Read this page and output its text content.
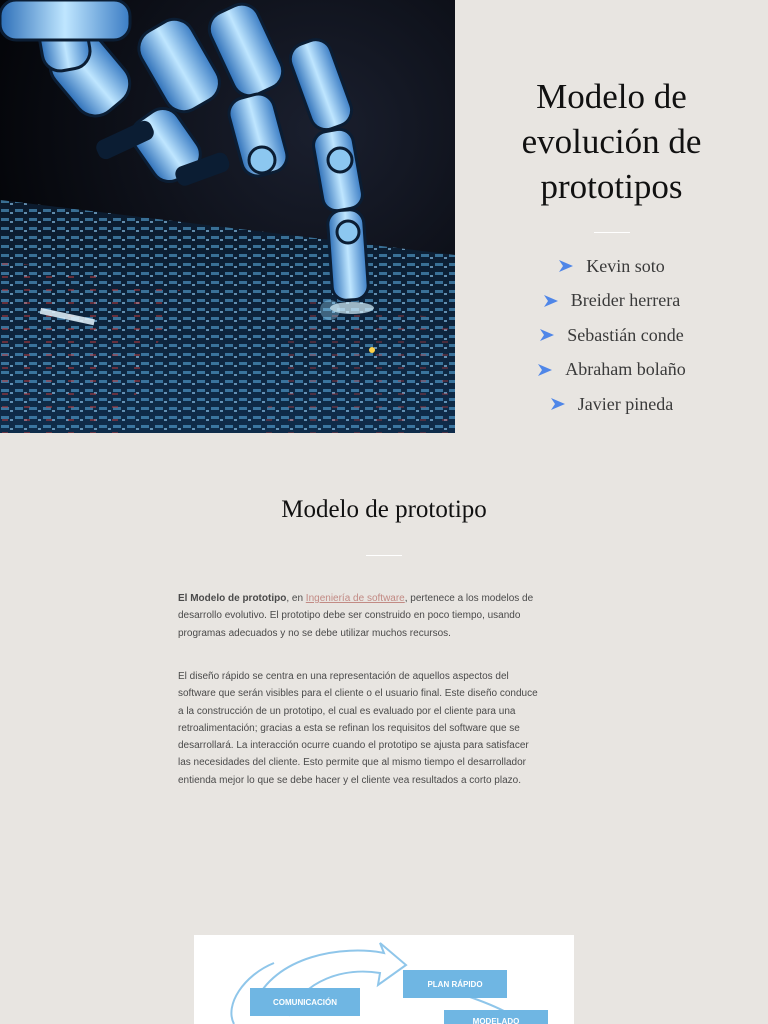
Modelo de
evolución de
prototipos
Kevin soto
Breider herrera
Sebastián conde
Abraham bolaño
Javier pineda
Modelo de prototipo

El Modelo de prototipo, en Ingeniería de software, pertenece a los modelos de
desarrollo evolutivo. El prototipo debe ser construido en poco tiempo, usando
programas adecuados y no se debe utilizar muchos recursos.

El diseño rápido se centra en una representación de aquellos aspectos del
software que serán visibles para el cliente o el usuario final. Este diseño conduce
a la construcción de un prototipo, el cual es evaluado por el cliente para una
retroalimentación; gracias a esta se refinan los requisitos del software que se
desarrollará. La interacción ocurre cuando el prototipo se ajusta para satisfacer
las necesidades del cliente. Esto permite que al mismo tiempo el desarrollador
entienda mejor lo que se debe hacer y el cliente vea resultados a corto plazo.

COMUNICACIÓN
PLAN RÁPIDO
MODELADO
